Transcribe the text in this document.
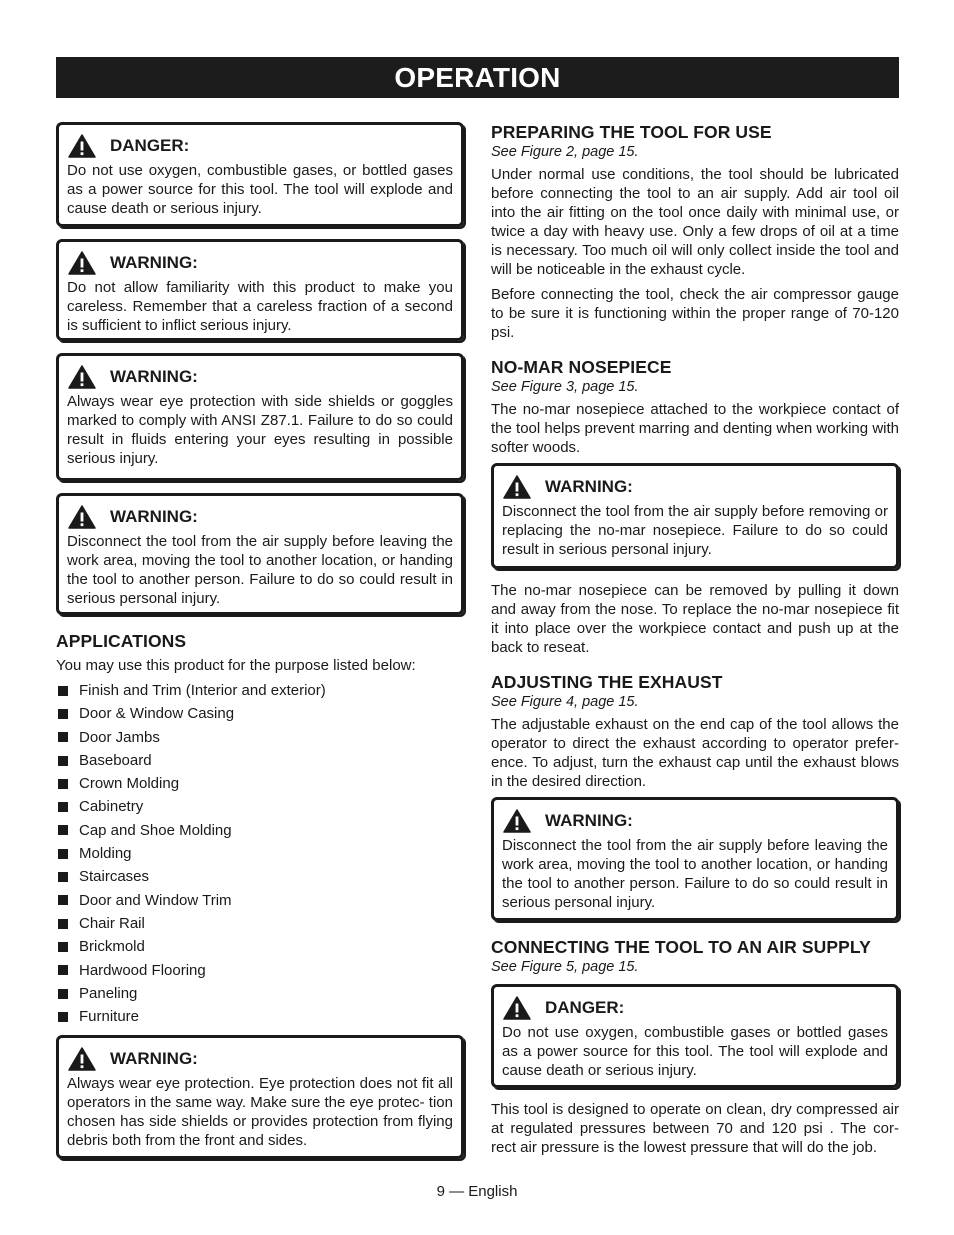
OPERATION
DANGER:
Do not use oxygen, combustible gases, or bottled gases as a power source for this tool. The tool will explode and cause death or serious injury.
WARNING:
Do not allow familiarity with this product to make you careless. Remember that a careless fraction of a second is sufficient to inflict serious injury.
WARNING:
Always wear eye protection with side shields or goggles marked to comply with ANSI Z87.1. Failure to do so could result in fluids entering your eyes resulting in possible serious injury.
WARNING:
Disconnect the tool from the air supply before leaving the work area, moving the tool to another location, or handing the tool to another person. Failure to do so could result in serious personal injury.
APPLICATIONS

You may use this product for the purpose listed below:

Finish and Trim (Interior and exterior)
Door & Window Casing
Door Jambs
Baseboard
Crown Molding
Cabinetry
Cap and Shoe Molding
Molding
Staircases
Door and Window Trim
Chair Rail
Brickmold
Hardwood Flooring
Paneling
Furniture
WARNING:
Always wear eye protection. Eye protection does not fit all operators in the same way. Make sure the eye protec- tion chosen has side shields or provides protection from flying debris both from the front and sides.
PREPARING THE TOOL FOR USE
See Figure 2, page 15.

Under normal use conditions, the tool should be lubricated before connecting the tool to an air supply. Add air tool oil into the air fitting on the tool once daily with minimal use, or twice a day with heavy use. Only a few drops of oil at a time is necessary. Too much oil will only collect inside the tool and will be noticeable in the exhaust cycle.

Before connecting the tool, check the air compressor gauge to be sure it is functioning within the proper range of 70-120 psi.

NO-MAR NOSEPIECE
See Figure 3, page 15.

The no-mar nosepiece attached to the workpiece contact of the tool helps prevent marring and denting when working with softer woods.

WARNING:
Disconnect the tool from the air supply before removing or replacing the no-mar nosepiece. Failure to do so could result in serious personal injury.

The no-mar nosepiece can be removed by pulling it down and away from the nose. To replace the no-mar nosepiece fit it into place over the workpiece contact and push up at the back to reseat.

ADJUSTING THE EXHAUST
See Figure 4, page 15.

The adjustable exhaust on the end cap of the tool allows the operator to direct the exhaust according to operator prefer- ence. To adjust, turn the exhaust cap until the exhaust blows in the desired direction.

WARNING:
Disconnect the tool from the air supply before leaving the work area, moving the tool to another location, or handing the tool to another person. Failure to do so could result in serious personal injury.
CONNECTING THE TOOL TO AN AIR SUPPLY
See Figure 5, page 15.
DANGER:
Do not use oxygen, combustible gases or bottled gases as a power source for this tool. The tool will explode and cause death or serious injury.

This tool is designed to operate on clean, dry compressed air at regulated pressures between 70 and 120 psi . The cor- rect air pressure is the lowest pressure that will do the job.

9 — English
